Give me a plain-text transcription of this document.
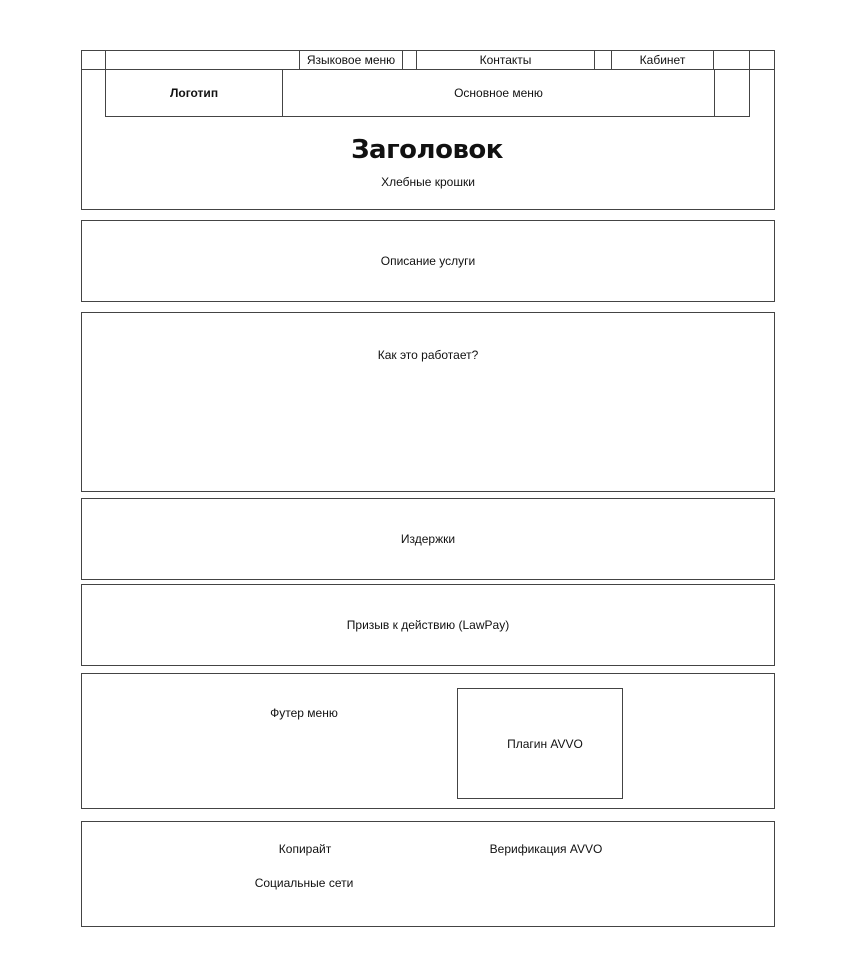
Языковое меню	Контакты	Кабинет
Логотип	Основное меню
Заголовок
Хлебные крошки
Описание услуги
Как это работает?
Издержки
Призыв к действию (LawPay)
Футер меню
Плагин AVVO
Копирайт	Верификация AVVO
Социальные сети
